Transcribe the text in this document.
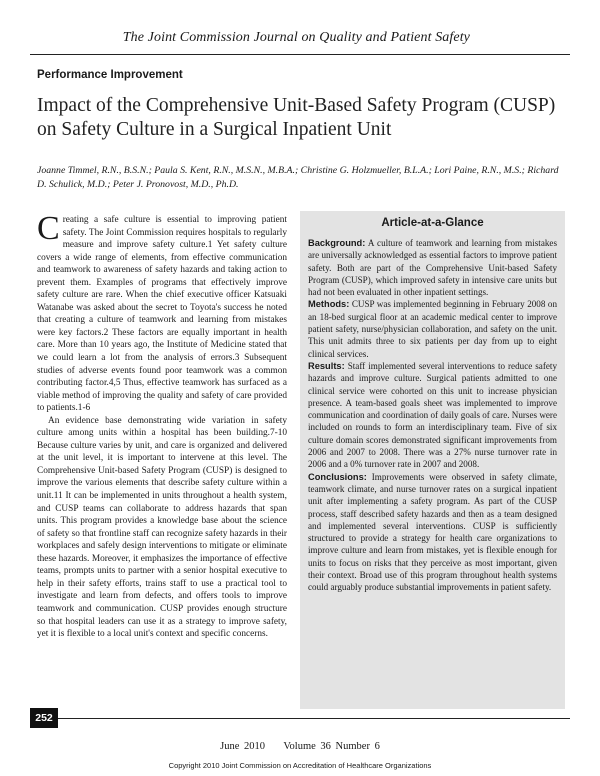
The Joint Commission Journal on Quality and Patient Safety
Performance Improvement
Impact of the Comprehensive Unit-Based Safety Program (CUSP) on Safety Culture in a Surgical Inpatient Unit
Joanne Timmel, R.N., B.S.N.; Paula S. Kent, R.N., M.S.N., M.B.A.; Christine G. Holzmueller, B.L.A.; Lori Paine, R.N., M.S.; Richard D. Schulick, M.D.; Peter J. Pronovost, M.D., Ph.D.

Creating a safe culture is essential to improving patient safety. The Joint Commission requires hospitals to regularly measure and improve safety culture.1 Yet safety culture covers a wide range of elements, from effective communication and teamwork to awareness of safety hazards and taking action to prevent them. Examples of programs that effectively improve safety culture are rare. When the chief executive officer Katsuaki Watanabe was asked about the secret to Toyota's success he noted that creating a culture of teamwork and learning from mistakes were key factors.2 These factors are equally important in health care. More than 10 years ago, the Institute of Medicine stated that we could learn a lot from the analysis of errors.3 Subsequent studies of adverse events found poor teamwork was a common contributing factor.4,5 Thus, effective teamwork has surfaced as a viable method of improving the quality and safety of care provided to patients.1-6

An evidence base demonstrating wide variation in safety culture among units within a hospital has been building.7-10 Because culture varies by unit, and care is organized and delivered at the unit level, it is important to intervene at this level. The Comprehensive Unit-based Safety Program (CUSP) is designed to improve the various elements that describe safety culture within a unit.11 It can be implemented in units throughout a health system, and CUSP teams can collaborate to address hazards that span units. This program provides a knowledge base about the science of safety so that frontline staff can recognize safety hazards in their workplaces and safely design interventions to mitigate or eliminate these hazards. Moreover, it emphasizes the importance of effective teams, prompts units to partner with a senior hospital executive to help in their safety efforts, trains staff to use a practical tool to investigate and learn from defects, and offers tools to improve teamwork and communication. CUSP provides enough structure so that hospital leaders can use it as a strategy to improve safety, yet it is flexible to a local unit's context and specific concerns.

Article-at-a-Glance

Background: A culture of teamwork and learning from mistakes are universally acknowledged as essential factors to improve patient safety. Both are part of the Comprehensive Unit-based Safety Program (CUSP), which improved safety in intensive care units but had not been evaluated in other inpatient settings.

Methods: CUSP was implemented beginning in February 2008 on an 18-bed surgical floor at an academic medical center to improve patient safety, nurse/physician collaboration, and safety on the unit. This unit admits three to six patients per day from up to eight clinical services.

Results: Staff implemented several interventions to reduce safety hazards and improve culture. Surgical patients admitted to one clinical service were cohorted on this unit to increase physician presence. A team-based goals sheet was implemented to improve communication and coordination of daily goals of care. Nurses were included on rounds to form an interdisciplinary team. Five of six culture domain scores demonstrated significant improvements from 2006 and 2007 to 2008. There was a 27% nurse turnover rate in 2006 and a 0% turnover rate in 2007 and 2008.

Conclusions: Improvements were observed in safety climate, teamwork climate, and nurse turnover rates on a surgical inpatient unit after implementing a safety program. As part of the CUSP process, staff described safety hazards and then as a team designed and implemented several interventions. CUSP is sufficiently structured to provide a strategy for health care organizations to improve culture and learn from mistakes, yet is flexible enough for units to focus on risks that they perceive as most important, given their context. Broad use of this program throughout health systems could arguably produce substantial improvements in patient safety.

252
June 2010    Volume 36 Number 6
Copyright 2010 Joint Commission on Accreditation of Healthcare Organizations
